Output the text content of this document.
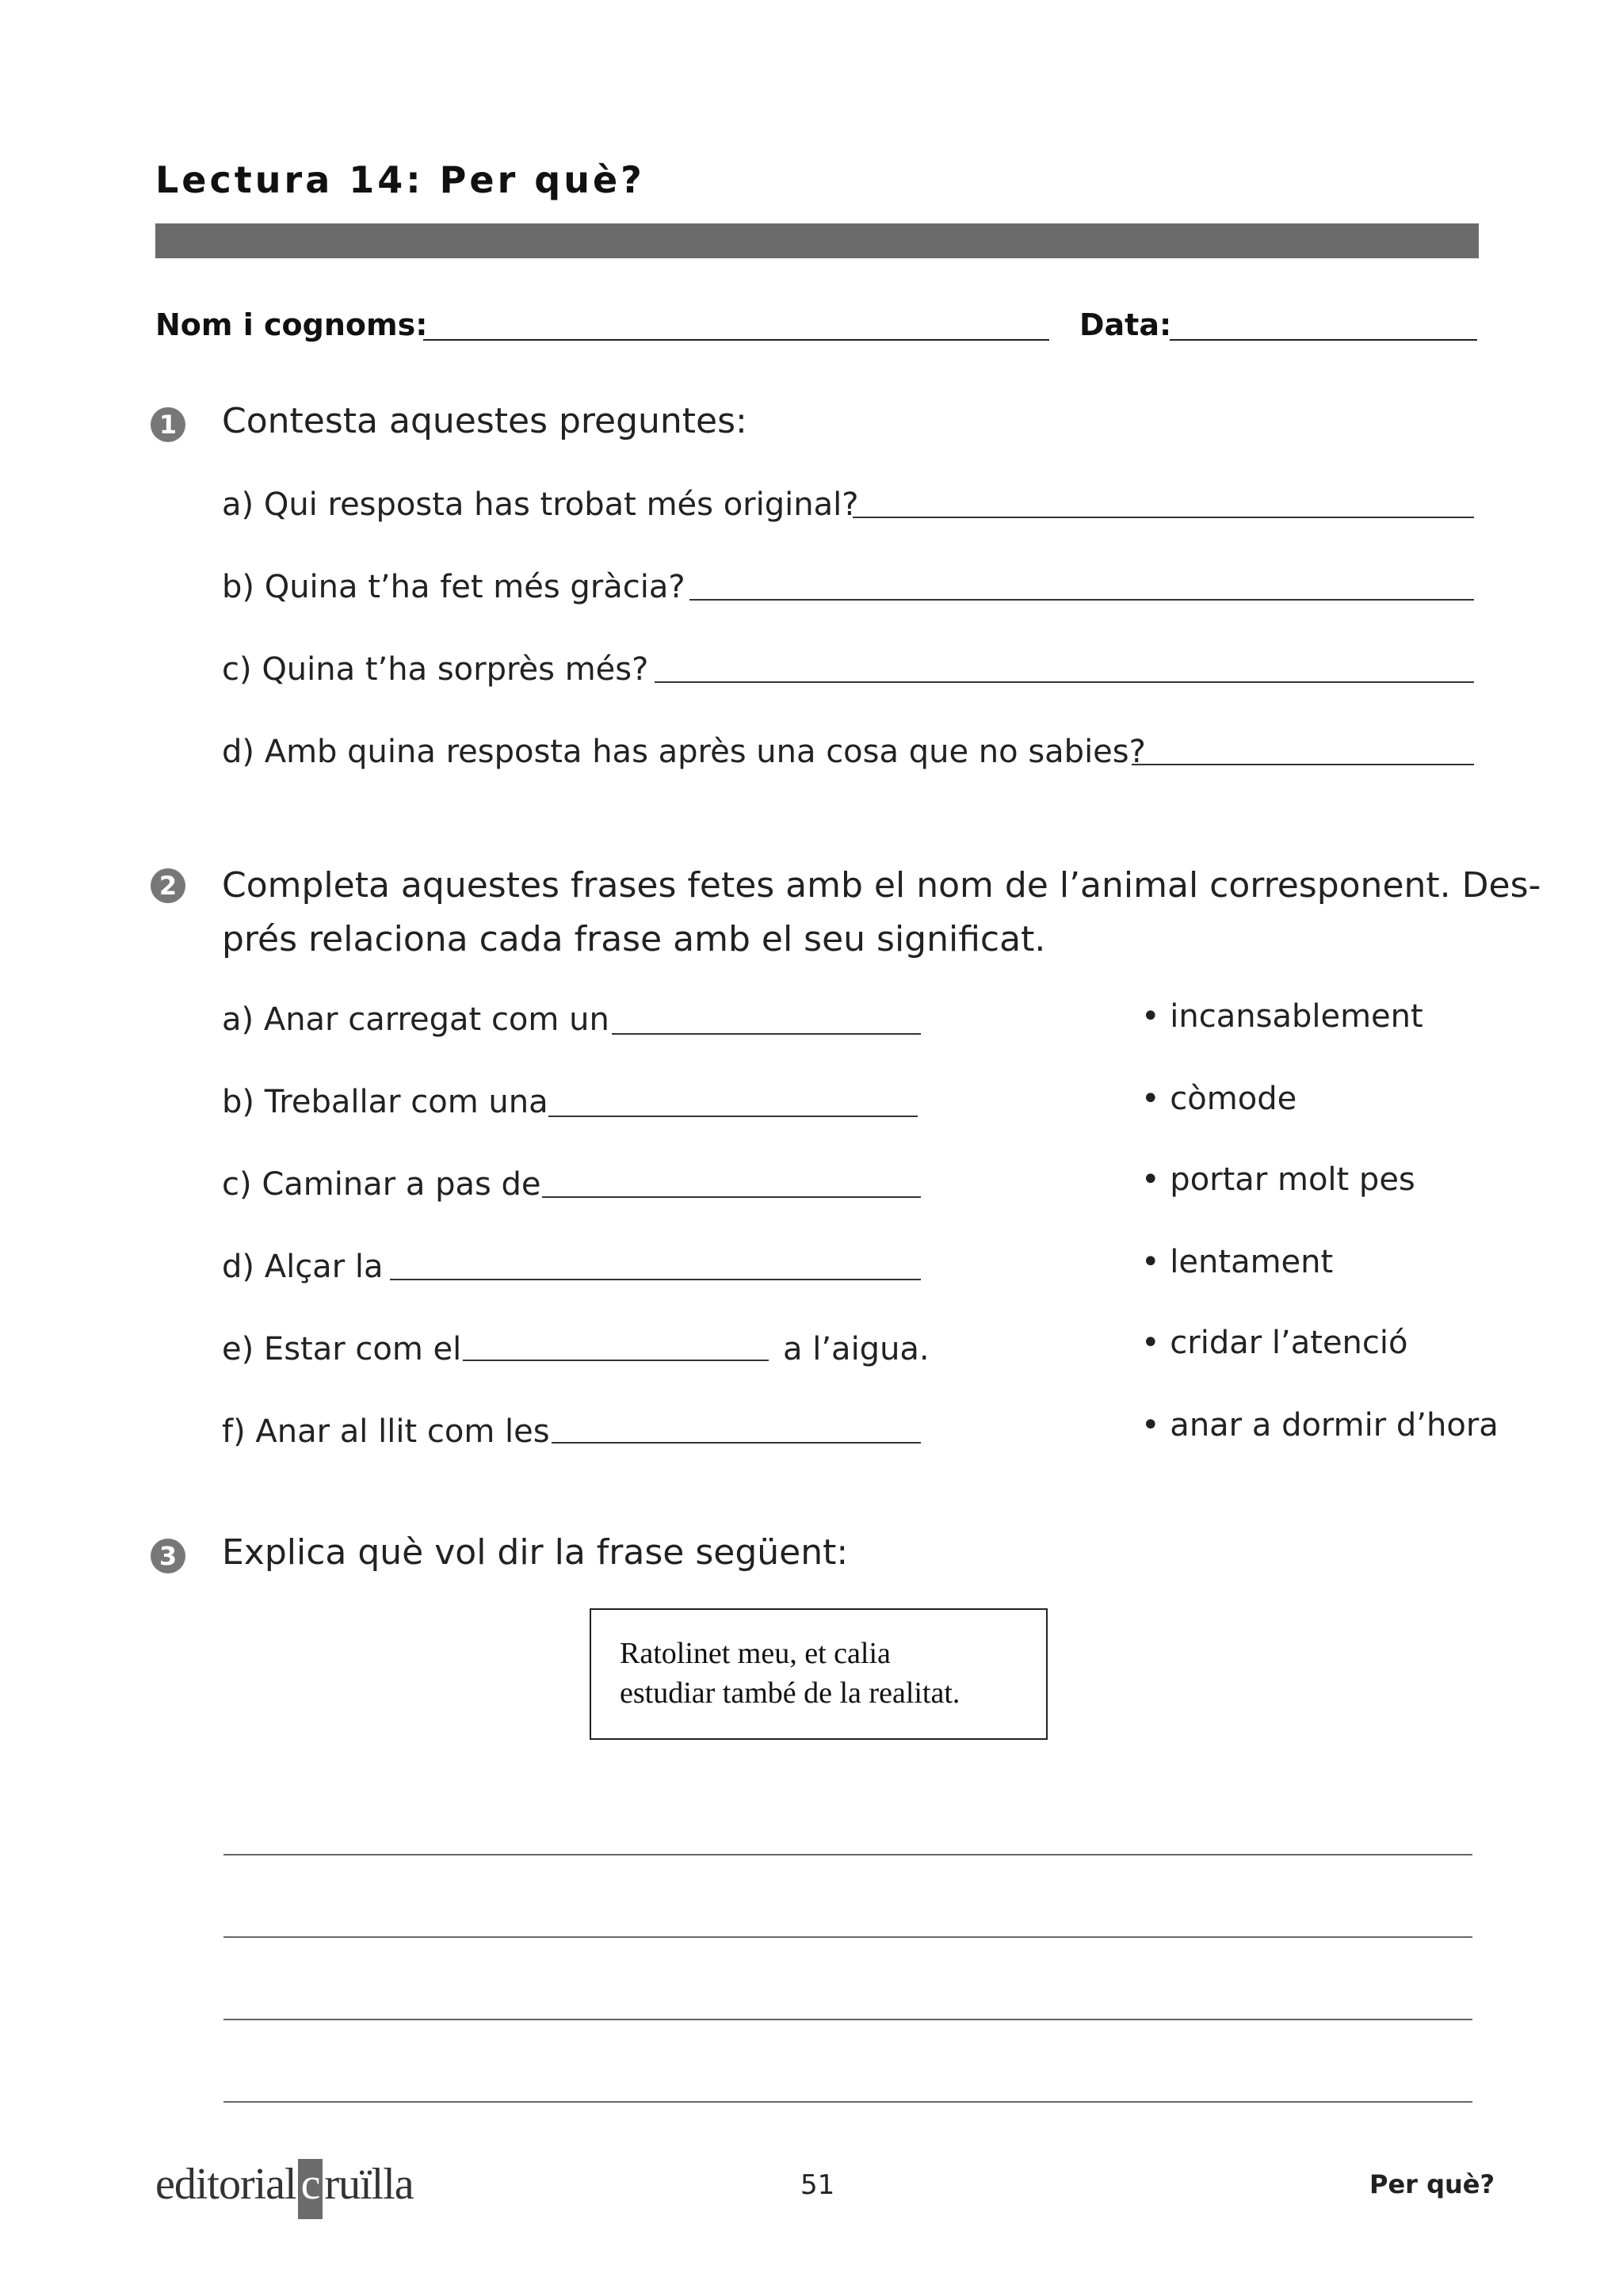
Lectura 14: Per què?
Nom i cognoms:	Data:
1 Contesta aquestes preguntes:
a) Qui resposta has trobat més original?
b) Quina t’ha fet més gràcia?
c) Quina t’ha sorprès més?
d) Amb quina resposta has après una cosa que no sabies?
2 Completa aquestes frases fetes amb el nom de l’animal corresponent. Des-
prés relaciona cada frase amb el seu significat.
a) Anar carregat com un
b) Treballar com una
c) Caminar a pas de
d) Alçar la
e) Estar com el	a l’aigua.
f) Anar al llit com les
• incansablement
• còmode
• portar molt pes
• lentament
• cridar l’atenció
• anar a dormir d’hora
3 Explica què vol dir la frase següent:
Ratolinet meu, et calia
estudiar també de la realitat.
editorial c ruïlla	51	Per què?
